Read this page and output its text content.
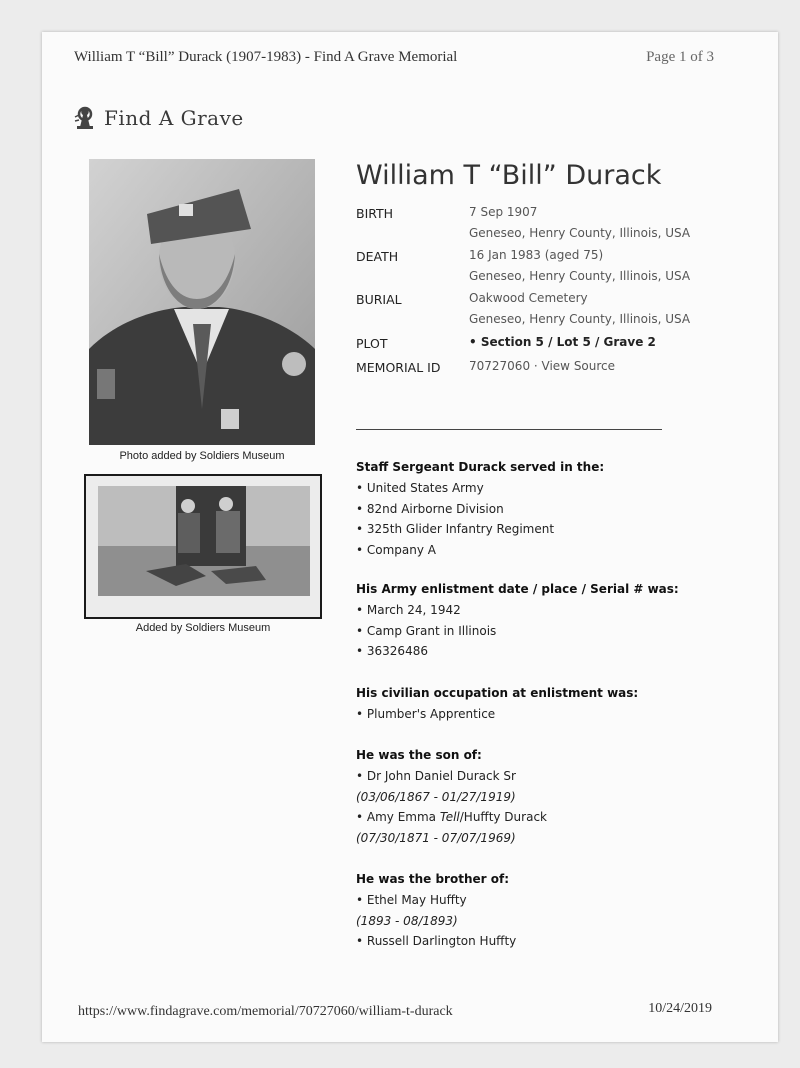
William T “Bill” Durack (1907-1983) - Find A Grave Memorial	Page 1 of 3
Find A Grave
Photo added by Soldiers Museum
Added by Soldiers Museum
William T “Bill” Durack
BIRTH	7 Sep 1907
Geneseo, Henry County, Illinois, USA
DEATH	16 Jan 1983 (aged 75)
Geneseo, Henry County, Illinois, USA
BURIAL	Oakwood Cemetery
Geneseo, Henry County, Illinois, USA
PLOT	• Section 5 / Lot 5 / Grave 2
MEMORIAL ID 70727060 · View Source
Staff Sergeant Durack served in the:
• United States Army
• 82nd Airborne Division
• 325th Glider Infantry Regiment
• Company A
His Army enlistment date / place / Serial # was:
• March 24, 1942
• Camp Grant in Illinois
• 36326486
His civilian occupation at enlistment was:
• Plumber's Apprentice
He was the son of:
• Dr John Daniel Durack Sr
(03/06/1867 - 01/27/1919)
• Amy Emma Tell/Huffty Durack
(07/30/1871 - 07/07/1969)
He was the brother of:
• Ethel May Huffty
(1893 - 08/1893)
• Russell Darlington Huffty
https://www.findagrave.com/memorial/70727060/william-t-durack	10/24/2019
